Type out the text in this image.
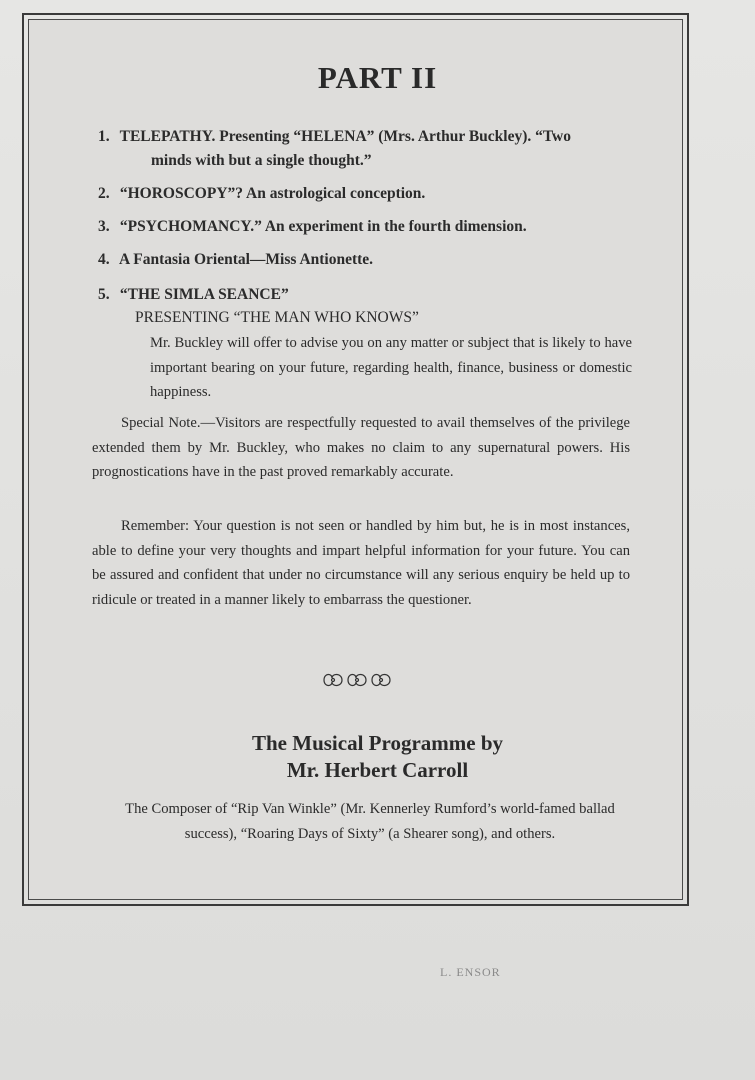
PART II
1. TELEPATHY. Presenting “HELENA” (Mrs. Arthur Buckley). “Two
minds with but a single thought.”
2. “HOROSCOPY”? An astrological conception.
3. “PSYCHOMANCY.” An experiment in the fourth dimension.
4. A Fantasia Oriental—Miss Antionette.
5. “THE SIMLA SEANCE”
PRESENTING “THE MAN WHO KNOWS”
Mr. Buckley will offer to advise you on any matter or subject that is likely to have important bearing on your future, regarding health, finance, business or domestic happiness.
Special Note.—Visitors are respectfully requested to avail themselves of the privilege extended them by Mr. Buckley, who makes no claim to any supernatural powers. His prognostications have in the past proved remarkably accurate.
Remember: Your question is not seen or handled by him but, he is in most instances, able to define your very thoughts and impart helpful information for your future. You can be assured and confident that under no circumstance will any serious enquiry be held up to ridicule or treated in a manner likely to embarrass the questioner.
The Musical Programme by
Mr. Herbert Carroll
The Composer of “Rip Van Winkle” (Mr. Kennerley Rumford’s world-famed ballad success), “Roaring Days of Sixty” (a Shearer song), and others.
L. ENSOR
